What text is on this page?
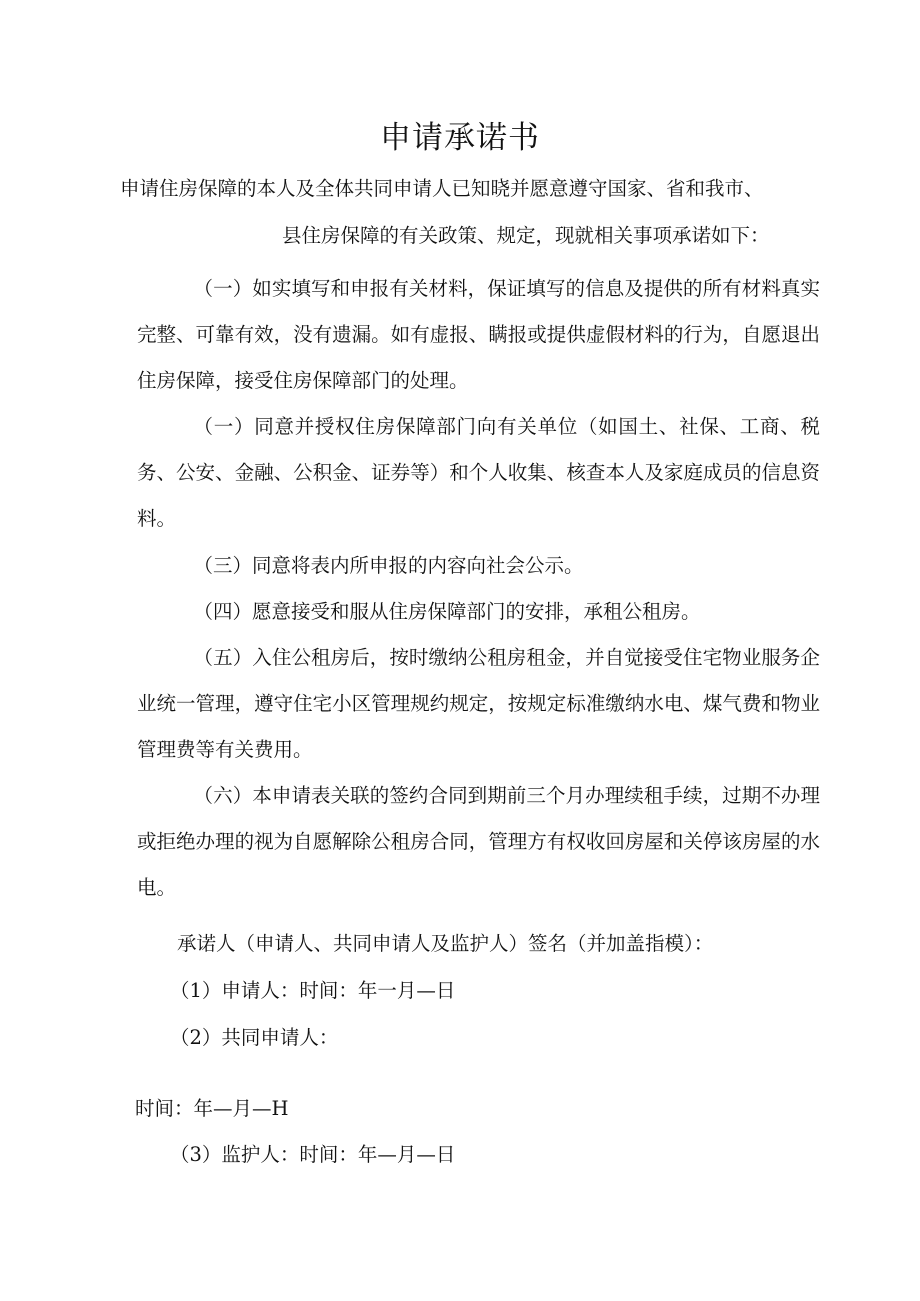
申请承诺书
申请住房保障的本人及全体共同申请人已知晓并愿意遵守国家、省和我市、
县住房保障的有关政策、规定，现就相关事项承诺如下：
（一）如实填写和申报有关材料，保证填写的信息及提供的所有材料真实完整、可靠有效，没有遗漏。如有虚报、瞒报或提供虚假材料的行为，自愿退出住房保障，接受住房保障部门的处理。
（一）同意并授权住房保障部门向有关单位（如国土、社保、工商、税务、公安、金融、公积金、证券等）和个人收集、核查本人及家庭成员的信息资料。
（三）同意将表内所申报的内容向社会公示。
（四）愿意接受和服从住房保障部门的安排，承租公租房。
（五）入住公租房后，按时缴纳公租房租金，并自觉接受住宅物业服务企业统一管理，遵守住宅小区管理规约规定，按规定标准缴纳水电、煤气费和物业管理费等有关费用。
（六）本申请表关联的签约合同到期前三个月办理续租手续，过期不办理或拒绝办理的视为自愿解除公租房合同，管理方有权收回房屋和关停该房屋的水电。
承诺人（申请人、共同申请人及监护人）签名（并加盖指模）：
（1）申请人：时间：年一月—日
（2）共同申请人：
时间：年—月—H
（3）监护人：时间：年—月—日
